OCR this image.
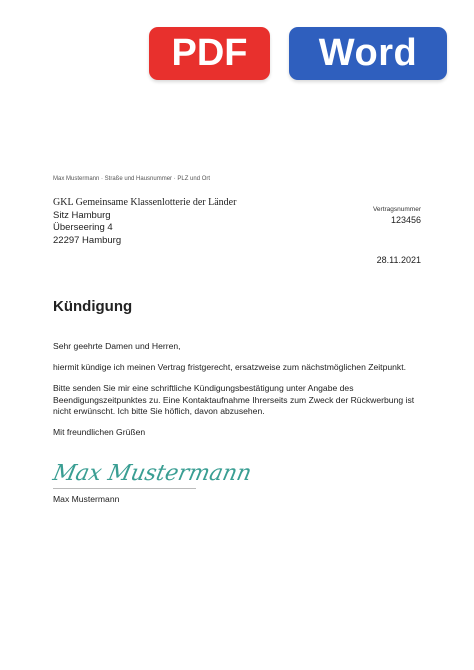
PDF Word
Max Mustermann · Straße und Hausnummer · PLZ und Ort
GKL Gemeinsame Klassenlotterie der Länder
Sitz Hamburg
Überseering 4
22297 Hamburg
Vertragsnummer
123456
28.11.2021
Kündigung
Sehr geehrte Damen und Herren,
hiermit kündige ich meinen Vertrag fristgerecht, ersatzweise zum nächstmöglichen Zeitpunkt.
Bitte senden Sie mir eine schriftliche Kündigungsbestätigung unter Angabe des Beendigungszeitpunktes zu. Eine Kontaktaufnahme Ihrerseits zum Zweck der Rückwerbung ist nicht erwünscht. Ich bitte Sie höflich, davon abzusehen.
Mit freundlichen Grüßen
Max Mustermann
Max Mustermann
